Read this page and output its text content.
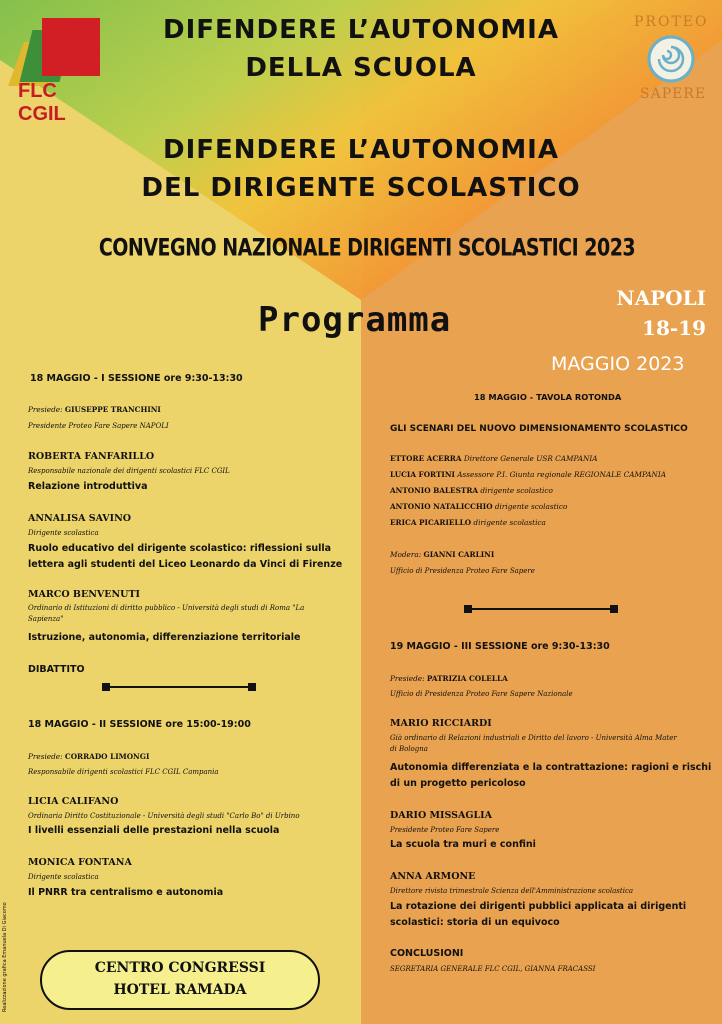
FLC CGIL
PROTEO
SAPERE
DIFENDERE L’AUTONOMIA
DELLA SCUOLA
DIFENDERE L’AUTONOMIA
DEL DIRIGENTE SCOLASTICO
CONVEGNO NAZIONALE DIRIGENTI SCOLASTICI 2023
Programma
NAPOLI
18-19
MAGGIO 2023
18 MAGGIO - I SESSIONE ore 9:30-13:30
Presiede: GIUSEPPE TRANCHINI
Presidente Proteo Fare Sapere NAPOLI
ROBERTA FANFARILLO
Responsabile nazionale dei dirigenti scolastici FLC CGIL
Relazione introduttiva
ANNALISA SAVINO
Dirigente scolastica
Ruolo educativo del dirigente scolastico: riflessioni sulla
lettera agli studenti del Liceo Leonardo da Vinci di Firenze
MARCO BENVENUTI
Ordinario di Istituzioni di diritto pubblico - Università degli studi di Roma "La
Sapienza"
Istruzione, autonomia, differenziazione territoriale
DIBATTITO
18 MAGGIO - II SESSIONE ore 15:00-19:00
Presiede: CORRADO LIMONGI
Responsabile dirigenti scolastici FLC CGIL Campania
LICIA CALIFANO
Ordinaria Diritto Costituzionale - Università degli studi "Carlo Bo" di Urbino
I livelli essenziali delle prestazioni nella scuola
MONICA FONTANA
Dirigente scolastica
Il PNRR tra centralismo e autonomia
Realizzazione grafica Emanuela Di Giacomo	CENTRO CONGRESSI
HOTEL RAMADA
18 MAGGIO - TAVOLA ROTONDA
GLI SCENARI DEL NUOVO DIMENSIONAMENTO SCOLASTICO
ETTORE ACERRA Direttore Generale USR CAMPANIA
LUCIA FORTINI Assessore P.I. Giunta regionale REGIONALE CAMPANIA
ANTONIO BALESTRA dirigente scolastico
ANTONIO NATALICCHIO dirigente scolastico
ERICA PICARIELLO dirigente scolastica
Modera: GIANNI CARLINI
Ufficio di Presidenza Proteo Fare Sapere
19 MAGGIO - III SESSIONE ore 9:30-13:30
Presiede: PATRIZIA COLELLA
Ufficio di Presidenza Proteo Fare Sapere Nazionale
MARIO RICCIARDI
Già ordinario di Relazioni industriali e Diritto del lavoro - Università Alma Mater
di Bologna
Autonomia differenziata e la contrattazione: ragioni e rischi
di un progetto pericoloso
DARIO MISSAGLIA
Presidente Proteo Fare Sapere
La scuola tra muri e confini
ANNA ARMONE
Direttore rivista trimestrale Scienza dell'Amministrazione scolastica
La rotazione dei dirigenti pubblici applicata ai dirigenti
scolastici: storia di un equivoco
CONCLUSIONI
SEGRETARIA GENERALE FLC CGIL, GIANNA FRACASSI
